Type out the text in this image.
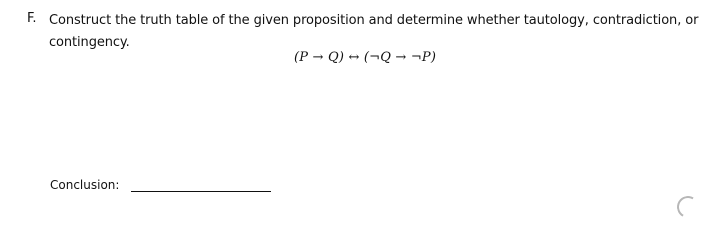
F. Construct the truth table of the given proposition and determine whether tautology, contradiction, or contingency.
(P → Q) ↔ (¬Q → ¬P)
Conclusion:
